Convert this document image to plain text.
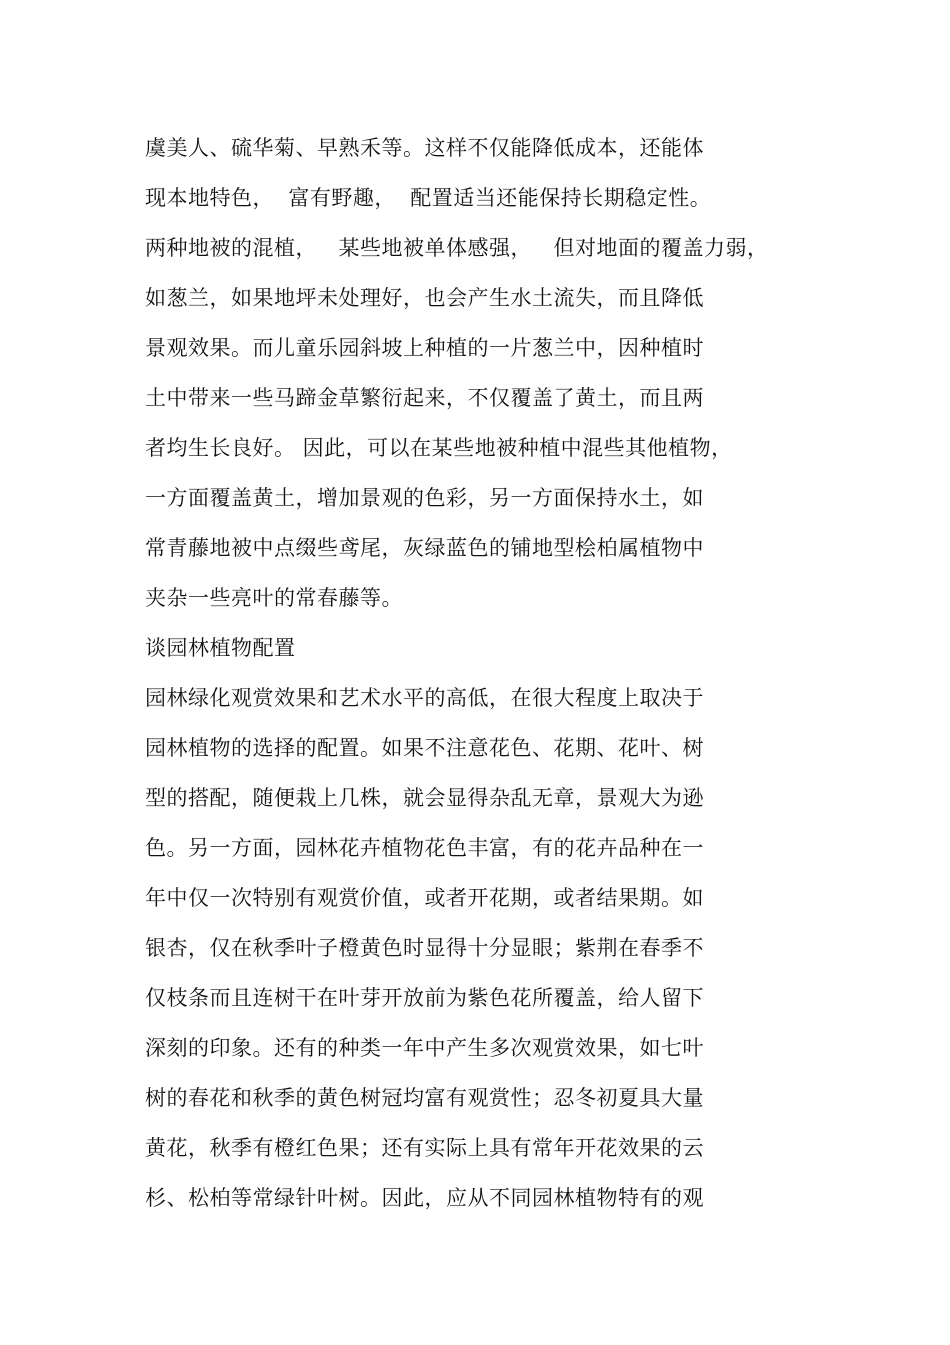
虞美人、硫华菊、早熟禾等。这样不仅能降低成本，还能体
现本地特色，  富有野趣，  配置适当还能保持长期稳定性。
两种地被的混植，   某些地被单体感强，   但对地面的覆盖力弱，
如葱兰，如果地坪未处理好，也会产生水土流失，而且降低
景观效果。而儿童乐园斜坡上种植的一片葱兰中，因种植时
土中带来一些马蹄金草繁衍起来，不仅覆盖了黄土，而且两
者均生长良好。 因此，可以在某些地被种植中混些其他植物，
一方面覆盖黄土，增加景观的色彩，另一方面保持水土，如
常青藤地被中点缀些鸢尾，灰绿蓝色的铺地型桧柏属植物中
夹杂一些亮叶的常春藤等。
谈园林植物配置
园林绿化观赏效果和艺术水平的高低，在很大程度上取决于
园林植物的选择的配置。如果不注意花色、花期、花叶、树
型的搭配，随便栽上几株，就会显得杂乱无章，景观大为逊
色。另一方面，园林花卉植物花色丰富，有的花卉品种在一
年中仅一次特别有观赏价值，或者开花期，或者结果期。如
银杏，仅在秋季叶子橙黄色时显得十分显眼；紫荆在春季不
仅枝条而且连树干在叶芽开放前为紫色花所覆盖，给人留下
深刻的印象。还有的种类一年中产生多次观赏效果，如七叶
树的春花和秋季的黄色树冠均富有观赏性；忍冬初夏具大量
黄花，秋季有橙红色果；还有实际上具有常年开花效果的云
杉、松柏等常绿针叶树。因此，应从不同园林植物特有的观
